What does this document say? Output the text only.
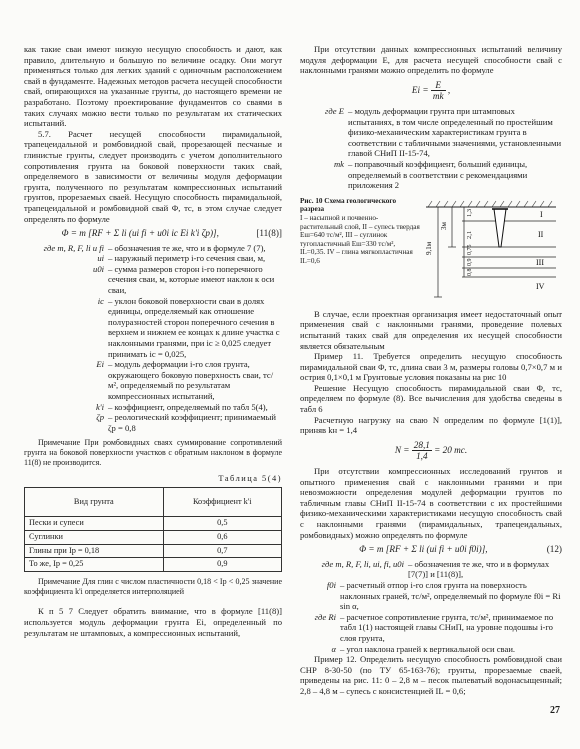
как такие сваи имеют низкую несущую способность и дают, как правило, длительную и большую по величине осадку. Они могут применяться только для легких зданий с одиночным расположением свай в фундаменте. Надежных методов расчета несущей способности свай, опирающихся на указанные грунты, до настоящего времени не разработано. Поэтому проектирование фундаментов со сваями в таких случаях можно вести только по результатам их статических испытаний.

5.7. Расчет несущей способности пирамидальной, трапецеидальной и ромбовидной свай, прорезающей песчаные и глинистые грунты, следует производить с учетом дополнительного сопротивления грунта на боковой поверхности таких свай, определяемого в зависимости от величины модуля деформации грунта, полученного по результатам компрессионных испытаний грунтов, прорезаемых сваей. Несущую способность пирамидальной, трапецеидальной и ромбовидной свай Φ, тс, в этом случае следует определять по формуле

Φ = m [RF + Σ li (ui fi + u0i iс Ei k'i ζр)],	[11(8)]
где m, R, F, li и fi – обозначения те же, что и в формуле 7 (7),
ui – наружный периметр i-го сечения сваи, м,
u0i – сумма размеров сторон i-го поперечного сечения сваи, м, которые имеют наклон к оси сваи,
iс – уклон боковой поверхности сваи в долях единицы, определяемый как отношение полуразностей сторон поперечного сечения в верхнем и нижнем ее концах к длине участка с наклонными гранями, при iс ≥ 0,025 следует принимать iс = 0,025,
Ei – модуль деформации i-го слоя грунта, окружающего боковую поверхность сваи, тс/м², определяемый по результатам компрессионных испытаний,
k'i – коэффициент, определяемый по табл 5(4),
ζр – реологический коэффициент; принимаемый ζр = 0,8

Примечание При ромбовидных сваях суммирование сопротивлений грунта на боковой поверхности участков с обратным наклоном в формуле 11(8) не производится.

Таблица 5(4)
Вид грунта	Коэффициент k'i
Пески и супеси	0,5
Суглинки	0,6
Глины при Iр = 0,18	0,7
То же, Iр = 0,25	0,9

Примечание Для глин с числом пластичности 0,18 < Iр < 0,25 значение коэффициента k'i определяется интерполяцией

К п 5 7 Следует обратить внимание, что в формуле [11(8)] используется модуль деформации грунта Ei, определенный по результатам не штамповых, а компрессионных испытаний,

При отсутствии данных компрессионных испытаний величину модуля деформации E, для расчета несущей способности свай с наклонными гранями можно определить по формуле

$Ei = \frac{E}{mk}$ ,
где E – модуль деформации грунта при штамповых испытаниях, в том числе определенный по простейшим физико-механическим характеристикам грунта в соответствии с табличными значениями, установленными главой СНиП II-15-74,
mk – поправочный коэффициент, больший единицы, определяемый в соответствии с рекомендациями приложения 2
Рис. 10 Схема геологического разреза
I – насыпной и почвенно-растительный слой, II – супесь твердая Eш=640 тс/м², III – суглинок тугопластичный Eш=330 тс/м², IL=0,35. IV – глина мягкопластичная IL=0,6
9,1м
3м
1,3
2,1
0,75
0,9
0,8
I
II
III
IV

В случае, если проектная организация имеет недостаточный опыт применения свай с наклонными гранями, проведение полевых испытаний таких свай для определения их несущей способности является обязательным

Пример 11. Требуется определить несущую способность пирамидальной сваи Φ, тс, длина сваи 3 м, размеры головы 0,7×0,7 м и острия 0,1×0,1 м Грунтовые условия показаны на рис 10

Решение Несущую способность пирамидальной сваи Φ, тс, определяем по формуле (8). Все вычисления для удобства сведены в табл 6

Расчетную нагрузку на сваю N определим по формуле [1(1)], приняв kн = 1,4

$N = \frac{28,1}{1,4} = 20$ тс.

При отсутствии компрессионных исследований грунтов и опытного применения свай с наклонными гранями и при невозможности определения модулей деформации грунтов по табличным главы СНиП II-15-74 в соответствии с их простейшими физико-механическими характеристиками несущую способность свай с наклонными гранями (пирамидальных, трапецеидальных, ромбовидных) можно определять по формуле

Φ = m [RF + Σ li (ui fi + u0i f0i)],	(12)
где m, R, F, li, ui, fi, u0i – обозначения те же, что и в формулах [7(7)] и [11(8)],
f0i – расчетный отпор i-го слоя грунта на поверхность наклонных граней, тс/м², определяемый по формуле f0i = Ri sin α,
где Ri – расчетное сопротивление грунта, тс/м², принимаемое по табл 1(1) настоящей главы СНиП, на уровне подошвы i-го слоя грунта,
α – угол наклона граней к вертикальной оси сваи.

Пример 12. Определить несущую способность ромбовидной сваи СНР 8-30-50 (по ТУ 65-163-76); грунты, прорезаемые сваей, приведены на рис. 11: 0 – 2,8 м – песок пылеватый водонасыщенный; 2,8 – 4,8 м – супесь с консистенцией IL = 0,6;

27
